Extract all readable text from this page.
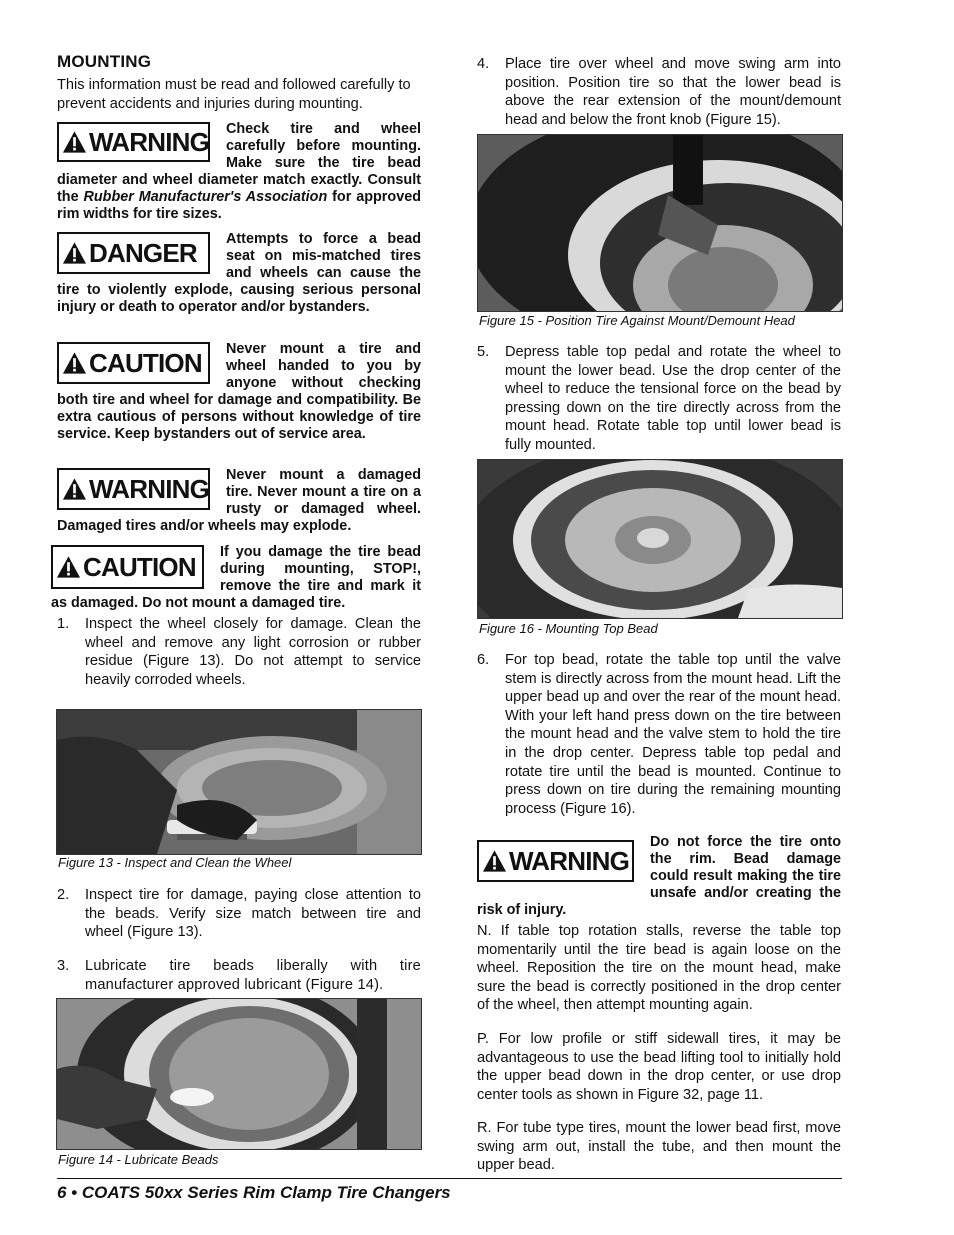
MOUNTING

This information must be read and followed carefully to prevent accidents and injuries during mounting.

WARNING Check tire and wheel carefully before mounting. Make sure the tire bead diameter and wheel diameter match exactly. Consult the Rubber Manufacturer's Association for approved rim widths for tire sizes.
DANGER Attempts to force a bead seat on mis-matched tires and wheels can cause the tire to violently explode, causing serious personal injury or death to operator and/or bystanders.
CAUTION Never mount a tire and wheel handed to you by anyone without checking both tire and wheel for damage and compatibility. Be extra cautious of persons without knowledge of tire service. Keep bystanders out of service area.
WARNING Never mount a damaged tire. Never mount a tire on a rusty or damaged wheel. Damaged tires and/or wheels may explode.
CAUTION If you damage the tire bead during mounting, STOP!, remove the tire and mark it as damaged. Do not mount a damaged tire.
1.	Inspect the wheel closely for damage. Clean the wheel and remove any light corrosion or rubber residue (Figure 13). Do not attempt to service heavily corroded wheels.
Figure 13 - Inspect and Clean the Wheel
2.	Inspect tire for damage, paying close attention to the beads. Verify size match between tire and wheel (Figure 13).
3.	Lubricate tire beads liberally with tire manufacturer approved lubricant (Figure 14).
Figure 14 - Lubricate Beads
4.	Place tire over wheel and move swing arm into position. Position tire so that the lower bead is above the rear extension of the mount/demount head and below the front knob (Figure 15).
Figure 15 - Position Tire Against Mount/Demount Head
5.	Depress table top pedal and rotate the wheel to mount the lower bead. Use the drop center of the wheel to reduce the tensional force on the bead by pressing down on the tire directly across from the mount head. Rotate table top until lower bead is fully mounted.
Figure 16 - Mounting Top Bead
6.	For top bead, rotate the table top until the valve stem is directly across from the mount head. Lift the upper bead up and over the rear of the mount head. With your left hand press down on the tire between the mount head and the valve stem to hold the tire in the drop center. Depress table top pedal and rotate tire until the bead is mounted. Continue to press down on tire during the remaining mounting process (Figure 16).
WARNING
Do not force the tire onto the rim. Bead damage could result making the tire unsafe and/or creating the risk of injury.

N. If table top rotation stalls, reverse the table top momentarily until the tire bead is again loose on the wheel. Reposition the tire on the mount head, make sure the bead is correctly positioned in the drop center of the wheel, then attempt mounting again.

P. For low profile or stiff sidewall tires, it may be advantageous to use the bead lifting tool to initially hold the upper bead down in the drop center, or use drop center tools as shown in Figure 32, page 11.

R. For tube type tires, mount the lower bead first, move swing arm out, install the tube, and then mount the upper bead.

6 • COATS 50xx Series Rim Clamp Tire Changers
